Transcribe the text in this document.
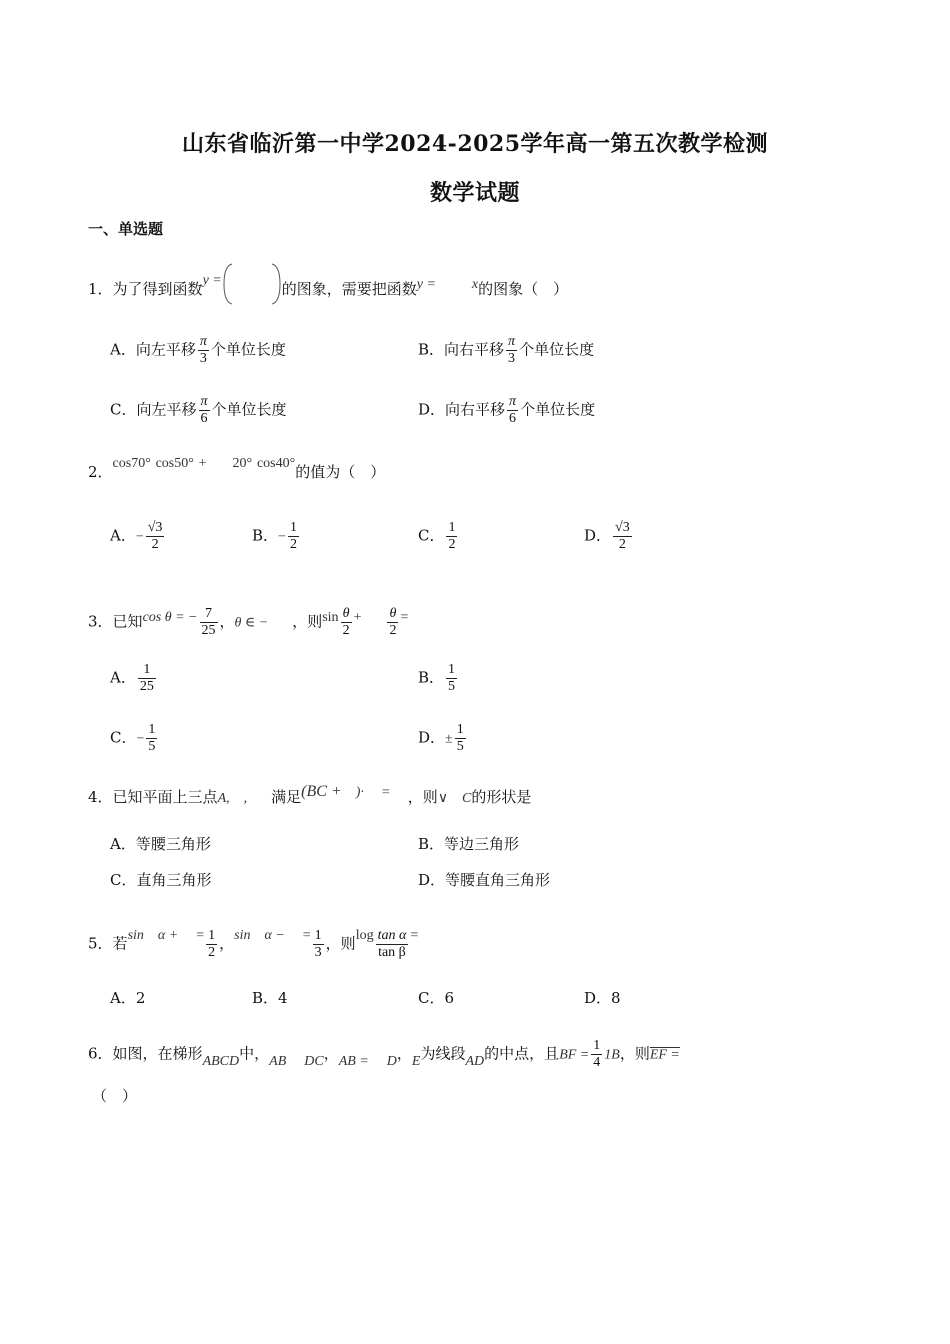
山东省临沂第一中学2024-2025学年高一第五次教学检测
数学试题
一、单选题
1．为了得到函数y =	的图象，需要把函数y =	x的图象（　）
A．向左平移 $\frac{\pi}{3}$ 个单位长度	B．向右平移 $\frac{\pi}{3}$ 个单位长度
C．向左平移 $\frac{\pi}{6}$ 个单位长度	D．向右平移 $\frac{\pi}{6}$ 个单位长度
2．cos70° cos50° + 20° cos40°的值为（　）
A．− $\frac{√3}{2}$	B．− $\frac{1}{2}$	C． $\frac{1}{2}$	D． $\frac{√3}{2}$
3．已知cos θ = − $\frac{7}{25}$ ，θ ∈ − ，则$\sin \frac{\theta}{2} + \frac{\theta}{2}$ =
A． $\frac{1}{25}$	B． $\frac{1}{5}$
C．− $\frac{1}{5}$	D．± $\frac{1}{5}$
4．已知平面上三点A,　, 满足(BC + )· = ，则∨　C的形状是
A．等腰三角形	B．等边三角形
C．直角三角形	D．等腰直角三角形
5．若sin　α + = $\frac{1}{2}$ ，sin　α − = $\frac{1}{3}$ ，则$\log \frac{\text{tan α}}{\text{tan β}}$ =
A．2	B．4	C．6	D．8
6．如图，在梯形ABCD中，AB DC，AB = D，E为线段AD的中点，且BF = $\frac{1}{4} 1B$，则EF =
（　）
